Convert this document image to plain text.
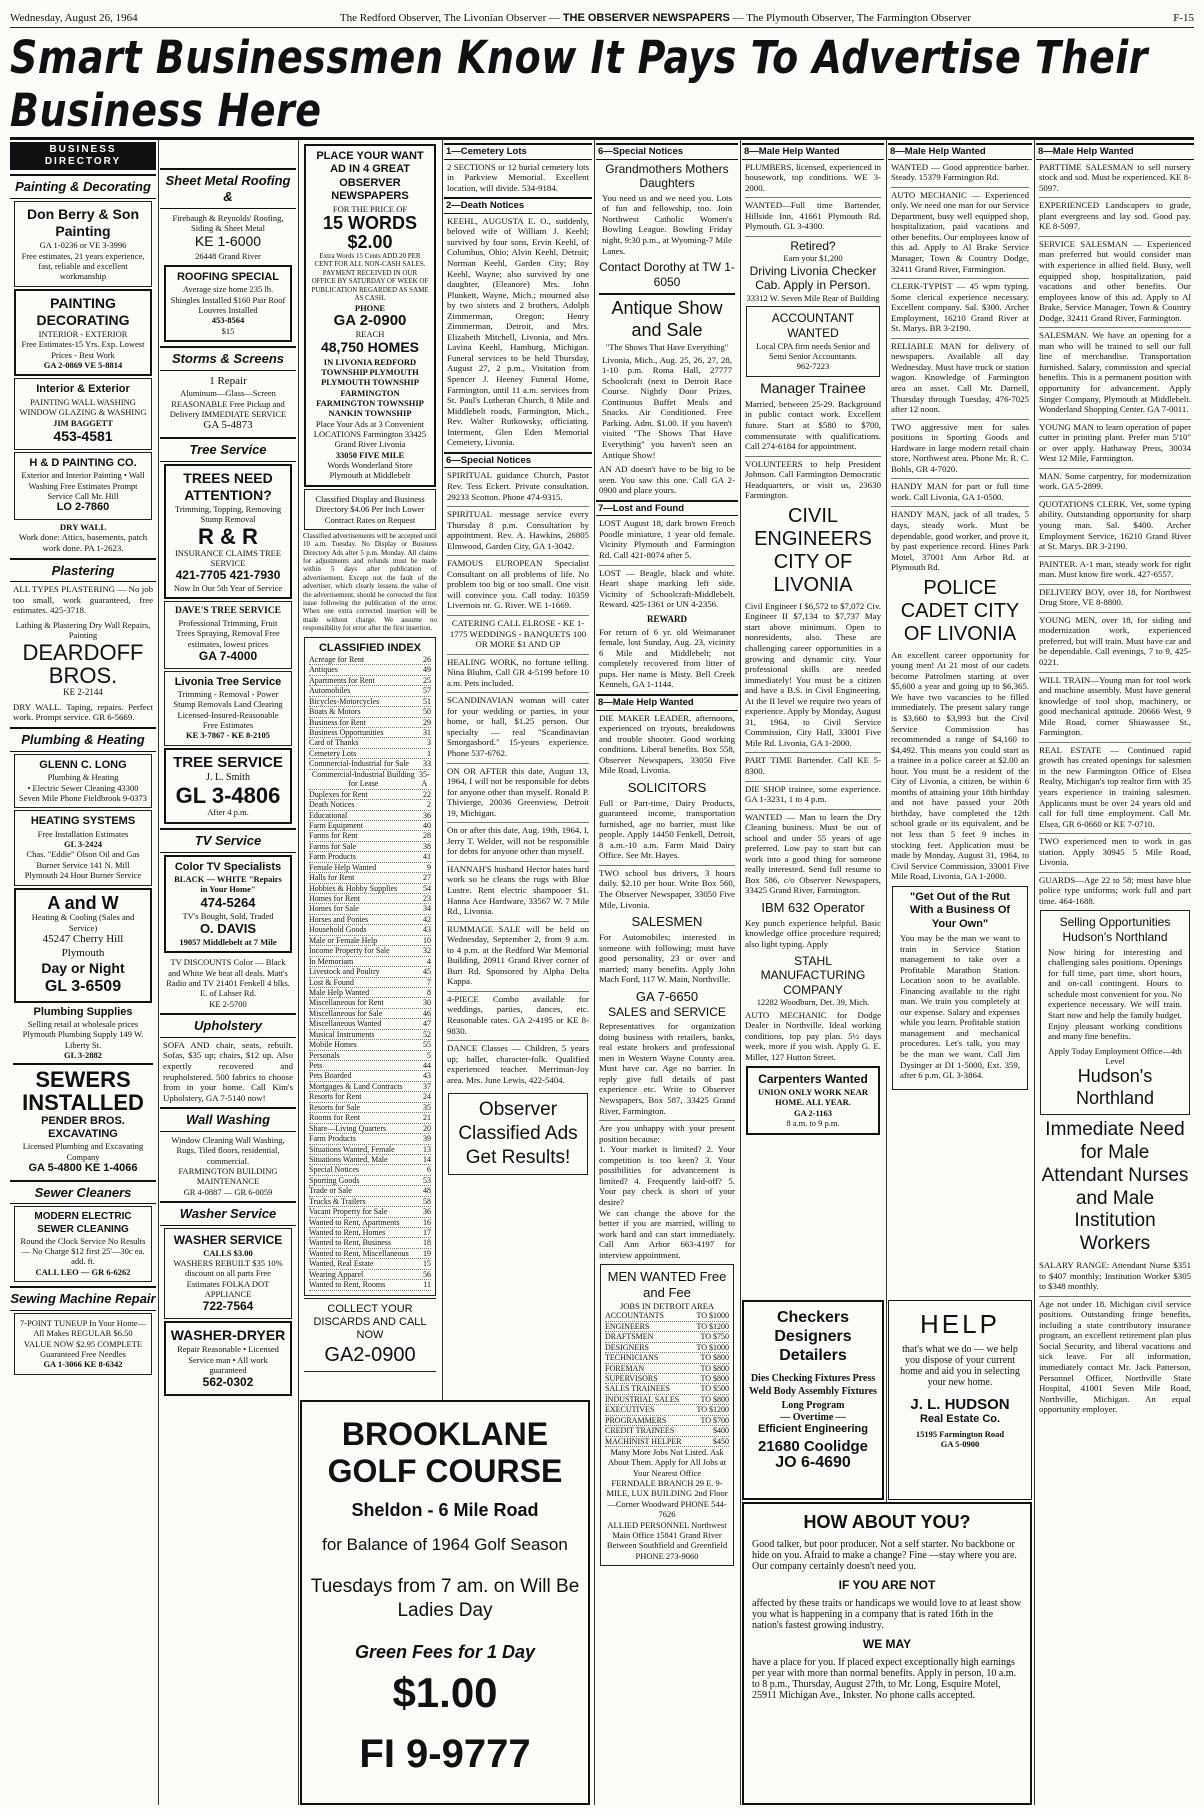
Wednesday, August 26, 1964	The Redford Observer, The Livonian Observer — THE OBSERVER NEWSPAPERS — The Plymouth Observer, The Farmington Observer	F-15
Smart Businessmen Know It Pays To Advertise Their Business Here
BUSINESS DIRECTORY
Painting & Decorating
Don Berry & Son Painting
GA 1-0236 or VE 3-3996
Free estimates, 21 years experience, fast, reliable and excellent workmanship
PAINTING DECORATING
INTERIOR - EXTERIOR
Free Estimates-15 Yrs. Exp. Lowest Prices - Best Work
GA 2-0869 VE 5-8814
Interior & Exterior
PAINTING WALL WASHING WINDOW GLAZING & WASHING
JIM BAGGETT
453-4581
H & D PAINTING CO.
Exterior and Interior Painting • Wall Washing Free Estimates Prompt Service Call Mr. Hill
LO 2-7860
DRY WALL
Work done: Attics, basements, patch work done. PA 1-2623.
Plastering
ALL TYPES PLASTERING — No job too small, work guaranteed, free estimates. 425-3718.
Lathing & Plastering Dry Wall Repairs, Painting
DEARDOFF BROS.
KE 2-2144
DRY WALL. Taping, repairs. Perfect work. Prompt service. GR 6-5669.
Plumbing & Heating
GLENN C. LONG
Plumbing & Heating
• Electric Sewer Cleaning 43300 Seven Mile Phone Fieldbrook 9-0373
HEATING SYSTEMS
Free Installation Estimates
GL 3-2424
Chas. "Eddie" Olson Oil and Gas Burner Service 141 N. Mill Plymouth 24 Hour Burner Service
A and W
Heating & Cooling (Sales and Service)
45247 Cherry Hill Plymouth
Day or Night
GL 3-6509
Plumbing Supplies
Selling retail at wholesale prices Plymouth Plumbing Supply 149 W. Liberty St.
GL 3-2882
SEWERS INSTALLED
PENDER BROS. EXCAVATING
Licensed Plumbing and Excavating Company
GA 5-4800 KE 1-4066
Sewer Cleaners
MODERN ELECTRIC SEWER CLEANING
Round the Clock Service No Results — No Charge $12 first 25'—30c ea. add. ft.
CALL LEO — GR 6-6262
Sewing Machine Repair
7-POINT TUNEUP In Your Home—All Makes REGULAR $6.50 VALUE NOW $2.95 COMPLETE Guaranteed Free Needles
GA 1-3066 KE 8-6342
Sheet Metal Roofing &
Firebaugh & Reynolds' Roofing, Siding & Sheet Metal
KE 1-6000
26448 Grand River
ROOFING SPECIAL
Average size home 235 lb. Shingles Installed $160 Pair Roof Louvres Installed
453-8564
$15
Storms & Screens
1 Repair
Aluminum—Glass—Screen REASONABLE Free Pickup and Delivery IMMEDIATE SERVICE
GA 5-4873
Tree Service
TREES NEED ATTENTION?
Trimming, Topping, Removing Stump Removal
R & R
INSURANCE CLAIMS TREE SERVICE
421-7705 421-7930
Now In Our 5th Year of Service
DAVE'S TREE SERVICE
Professional Trimming, Fruit Trees Spraying, Removal Free estimates, lowest prices
GA 7-4000
Livonia Tree Service
Trimming - Removal - Power Stump Removals Land Clearing Licensed-Insured-Reasonable Free Estimates
KE 3-7867 - KE 8-2105
TREE SERVICE
J. L. Smith
GL 3-4806
After 4 p.m.
TV Service
Color TV Specialists
BLACK — WHITE "Repairs in Your Home"
474-5264
TV's Bought, Sold, Traded
O. DAVIS
19057 Middlebelt at 7 Mile
TV DISCOUNTS Color — Black and White We beat all deals. Matt's Radio and TV 21401 Fenkell 4 blks. E. of Lahser Rd.
KE 2-5700
Upholstery
SOFA AND chair, seats, rebuilt. Sofas, $35 up; chairs, $12 up. Also expertly recovered and reupholstered. 500 fabrics to choose from in your home. Call Kim's Upholstery, GA 7-5140 now!
Wall Washing
Window Cleaning Wall Washing, Rugs, Tiled floors, residential, commercial.
FARMINGTON BUILDING MAINTENANCE
GR 4-0887 — GR 6-0059
Washer Service
WASHER SERVICE
CALLS $3.00
WASHERS REBUILT $35 10% discount on all parts Free Estimates FOLKA DOT APPLIANCE
722-7564
WASHER-DRYER
Repair Reasonable • Licensed Service man • All work guaranteed
562-0302
PLACE YOUR WANT AD IN 4 GREAT
OBSERVER NEWSPAPERS
FOR THE PRICE OF
15 WORDS $2.00
Extra Words 15 Cents ADD 20 PER CENT FOR ALL NON-CASH SALES. PAYMENT RECEIVED IN OUR OFFICE BY SATURDAY OF WEEK OF PUBLICATION REGARDED AS SAME AS CASH.
PHONE
GA 2-0900
REACH
48,750 HOMES
IN LIVONIA REDFORD TOWNSHIP PLYMOUTH PLYMOUTH TOWNSHIP FARMINGTON FARMINGTON TOWNSHIP NANKIN TOWNSHIP
Place Your Ads at 3 Convenient LOCATIONS Farmington 33425 Grand River Livonia
33050 FIVE MILE
Words Wonderland Store Plymouth at Middlebelt
Classified Display and Business Directory $4.06 Per Inch Lower Contract Rates on Request
Classified advertisements will be accepted until 10 a.m. Tuesday. No Display or Business Directory Ads after 5 p.m. Monday. All claims for adjustments and refunds must be made within 5 days after publication of advertisement. Except not the fault of the advertiser, which clearly lessens the value of the advertisement, should be corrected the first issue following the publication of the error. When one extra corrected insertion will be made without charge. We assume no responsibility for error after the first insertion.
CLASSIFIED INDEX
Acreage for Rent	26
Antiques	49
Apartments for Rent	25
Automobiles	57
Bicycles-Motorcycles	51
Boats & Motors	50
Business for Rent	29
Business Opportunities	31
Card of Thanks	3
Cemetery Lots	1
Commercial-Industrial for Sale 33
Commercial-Industrial Building for Lease
35-A
Duplexes for Rent	22
Death Notices	2
Educational	36
Farm Equipment	40
Farms for Rent	28
Farms for Sale	38
Farm Products	41
Female Help Wanted	9
Halls for Rent	27
Hobbies & Hobby Supplies	54
Homes for Rent	23
Homes for Sale	34
Horses and Ponies	42
Household Goods	43
Male or Female Help	10
Income Property for Sale	32
In Memoriam	4
Livestock and Poultry	45
Lost & Found	7
Male Help Wanted	8
Miscellaneous for Rent	30
Miscellaneous for Sale	46
Miscellaneous Wanted	47
Musical Instruments	52
Mobile Homes	55
Personals	5
Pets	44
Pets Boarded	43
Mortgages & Land Contracts	37
Resorts for Rent	24
Resorts for Sale	35
Rooms for Rent	21
Share—Living Quarters	20
Farm Products	39
Situations Wanted, Female	13
Situations Wanted, Male	14
Special Notices	6
Sporting Goods	53
Trade or Sale	48
Trucks & Trailers	58
Vacant Property for Sale	36
Wanted to Rent, Apartments	16
Wanted to Rent, Homes	17
Wanted to Rent, Business	18
Wanted to Rent, Miscellaneous 19
Wanted, Real Estate	15
Wearing Apparel	56
Wanted to Rent, Rooms	11
COLLECT YOUR DISCARDS AND CALL NOW
GA2-0900
1—Cemetery Lots
2 SECTIONS or 12 burial cemetery lots in Parkview Memorial. Excellent location, will divide. 534-9184.
2—Death Notices
KEEHL, AUGUSTA E. O., suddenly, beloved wife of William J. Keehl; survived by four sons, Ervin Keehl, of Columbus, Ohio; Alvin Keehl, Detroit; Norman Keehl, Garden City; Roy Keehl, Wayne; also survived by one daughter, (Eleanore) Mrs. John Plunkett, Wayne, Mich.; mourned also by two sisters and 2 brothers, Adolph Zimmerman, Oregon; Henry Zimmerman, Detroit, and Mrs. Elizabeth Mitchell, Livonia, and Mrs. Lavina Keehl, Hamburg, Michigan. Funeral services to be held Thursday, August 27, 2 p.m., Visitation from Spencer J. Heeney Funeral Home, Farmington, until 11 a.m. services from St. Paul's Lutheran Church, 8 Mile and Middlebelt roads, Farmington, Mich., Rev. Walter Rutkowsky, officiating. Interment, Glen Eden Memorial Cemetery, Livonia.
6—Special Notices
SPIRITUAL guidance Church, Pastor Rev. Tess Eckert. Private consultation. 29233 Scotton. Phone 474-9315.
SPIRITUAL message service every Thursday 8 p.m. Consultation by appointment. Rev. A. Hawkins, 26805 Elmwood, Garden City, GA 1-3042.
FAMOUS EUROPEAN Specialist Consultant on all problems of life. No problem too big or too small. One visit will convince you. Call today. 10359 Livernois nr. G. River. WE 1-1669.
CATERING CALL ELROSE - KE 1-1775 WEDDINGS - BANQUETS 100 OR MORE $1 AND UP
HEALING WORK, no fortune telling. Nina Bluhm, Call GR 4-5199 before 10 a.m. Pets included.
SCANDINAVIAN woman will cater for your wedding or parties, in your home, or hall, $1.25 person. Our specialty — real "Scandinavian Smorgasbord." 15-years experience. Phone 537-6762.
ON OR AFTER this date, August 13, 1964, I will not be responsible for debts for anyone other than myself. Ronald P. Thivierge, 20036 Greenview, Detroit 19, Michigan.
On or after this date, Aug. 19th, 1964, I, Jerry T. Welder, will not be responsible for debts for anyone other than myself.
HANNAH'S husband Hector hates hard work so he cleans the rugs with Blue Lustre. Rent electric shampooer $1. Hanna Ace Hardware, 33567 W. 7 Mile Rd., Livonia.
RUMMAGE SALE will be held on Wednesday, September 2, from 9 a.m. to 4 p.m. at the Redford War Memorial Building, 20911 Grand River corner of Burt Rd. Sponsored by Alpha Delta Kappa.
4-PIECE Combo available for weddings, parties, dances, etc. Reasonable rates. GA 2-4195 or KE 8-9830.
DANCE Classes — Children, 5 years up; ballet, character-folk. Qualified experienced teacher. Merriman-Joy area. Mrs. June Lewis, 422-5404.
Observer Classified Ads Get Results!
6—Special Notices
Grandmothers Mothers Daughters
You need us and we need you. Lots of fun and fellowship, too. Join Northwest Catholic Women's Bowling League. Bowling Friday night, 9:30 p.m., at Wyoming-7 Mile Lanes.
Contact Dorothy at TW 1-6050
Antique Show and Sale
"The Shows That Have Everything"
Livonia, Mich., Aug. 25, 26, 27, 28, 1-10 p.m. Roma Hall, 27777 Schoolcraft (next to Detroit Race Course. Nightly Door Prizes. Continuous Buffet Meals and Snacks. Air Conditioned. Free Parking. Adm. $1.00. If you haven't visited "The Shows That Have Everything" you haven't seen an Antique Show!
AN AD doesn't have to be big to be seen. You saw this one. Call GA 2-0900 and place yours.
7—Lost and Found
LOST August 18, dark brown French Poodle miniature, 1 year old female. Vicinity Plymouth and Farmington Rd. Call 421-8074 after 5.
LOST — Beagle, black and white. Heart shape marking left side. Vicinity of Schoolcraft-Middlebelt. Reward. 425-1361 or UN 4-2356.
REWARD
For return of 6 yr. old Weimaraner female, lost Sunday, Aug. 23, vicinity 6 Mile and Middlebelt; not completely recovered from litter of pups. Her name is Misty. Bell Creek Kennels, GA 1-1144.
8—Male Help Wanted
DIE MAKER LEADER, afternoons, experienced on tryouts, breakdowns and trouble shooter. Good working conditions. Liberal benefits. Box 558, Observer Newspapers, 33050 Five Mile Road, Livonia.
SOLICITORS
Full or Part-time, Dairy Products, guaranteed income, transportation furnished, age no barrier, must like people. Apply 14450 Fenkell, Detroit, 8 a.m.-10 a.m. Farm Maid Dairy Office. See Mr. Hayes.
TWO school bus drivers, 3 hours daily. $2.10 per hour. Write Box 560, The Observer Newspaper, 33050 Five Mile, Livonia.
SALESMEN
For Automobiles; interested in someone with following; must have good personality, 23 or over and married; many benefits. Apply John Mach Ford, 117 W. Main, Northville.
GA 7-6650
SALES and SERVICE
Representatives for organization doing business with retailers, banks, real estate brokers and professional men in Western Wayne County area. Must have car. Age no barrier. In reply give full details of past experience etc. Write to Observer Newspapers, Box 587, 33425 Grand River, Farmington.
Are you unhappy with your present position because:
1. Your market is limited? 2. Your competition is too keen? 3. Your possibilities for advancement is limited? 4. Frequently laid-off? 5. Your pay check is short of your desire?
We can change the above for the better if you are married, willing to work hard and can start immediately. Call Ann Arbor 663-4197 for interview appointment.
MEN WANTED Free and Fee
JOBS IN DETROIT AREA
ACCOUNTANTS	TO $1000
ENGINEERS	TO $1200
DRAFTSMEN	TO $750
DESIGNERS	TO $1000
TECHNICIANS	TO $800
FOREMAN	TO $800
SUPERVISORS	TO $800
SALES TRAINEES	TO $500
INDUSTRIAL SALES	TO $800
EXECUTIVES	TO $1200
PROGRAMMERS	TO $700
CREDIT TRAINEES	$400
MACHINIST HELPER	$450
Many More Jobs Not Listed. Ask About Them. Apply for All Jobs at Your Nearest Office
FERNDALE BRANCH 29 E. 9-MILE, LUX BUILDING 2nd Floor—Corner Woodward PHONE 544-7626
ALLIED PERSONNEL Northwest Main Office 15841 Grand River Between Southfield and Greenfield PHONE 273-9060
8—Male Help Wanted
PLUMBERS, licensed, experienced in housework, top conditions. WE 3-2000.
WANTED—Full time Bartender, Hillside Inn, 41661 Plymouth Rd. Plymouth. GL 3-4300.
Retired?
Earn your $1,200
Driving Livonia Checker Cab. Apply in Person.
33312 W. Seven Mile Rear of Building
ACCOUNTANT WANTED
Local CPA firm needs Senior and Semi Senior Accountants.
962-7223
Manager Trainee
Married, between 25-29. Background in public contact work. Excellent future. Start at $580 to $700, commensurate with qualifications. Call 274-6184 for appointment.
VOLUNTEERS to help President Johnson. Call Farmington Democratic Headquarters, or visit us, 23630 Farmington.
CIVIL ENGINEERS CITY OF LIVONIA
Civil Engineer I $6,572 to $7,072 Civ. Engineer II $7,134 to $7,737 May start above minimum. Open to nonresidents, also. These are challenging career opportunities in a growing and dynamic city. Your professional skills are needed immediately! You must be a citizen and have a B.S. in Civil Engineering. At the II level we require two years of experience. Apply by Monday, August 31, 1964, to Civil Service Commission, City Hall, 33001 Five Mile Rd. Livonia, GA 1-2000.
PART TIME Bartender. Call KE 5-8300.
DIE SHOP trainee, some experience. GA 1-3231, 1 to 4 p.m.
WANTED — Man to learn the Dry Cleaning business. Must be out of school and under 55 years of age preferred. Low pay to start but can work into a good thing for someone really interested. Send full resume to Box 586, c/o Observer Newspapers, 33425 Grand River, Farmington.
IBM 632 Operator
Key punch experience helpful. Basic knowledge office procedure required; also light typing. Apply
STAHL MANUFACTURING COMPANY
12282 Woodburn, Det. 39, Mich.
AUTO MECHANIC for Dodge Dealer in Northville. Ideal working conditions, top pay plan. 5½ days week, more if you wish. Apply G. E. Miller, 127 Hutton Street.
Carpenters Wanted
UNION ONLY WORK NEAR HOME. ALL YEAR.
GA 2-1163
8 a.m. to 9 p.m.
8—Male Help Wanted
WANTED — Good apprentice barber. Steady. 15379 Farmington Rd.
AUTO MECHANIC — Experienced only. We need one man for our Service Department, busy well equipped shop, hospitalization, paid vacations and other benefits. Our employees know of this ad. Apply to Al Brake Service Manager, Town & Country Dodge, 32411 Grand River, Farmington.
CLERK-TYPIST — 45 wpm typing. Some clerical experience necessary. Excellent company. Sal. $300. Archer Employment, 16210 Grand River at St. Marys. BR 3-2190.
RELIABLE MAN for delivery of newspapers. Available all day Wednesday. Must have truck or station wagon. Knowledge of Farmington area an asset. Call Mr. Darnell, Thursday through Tuesday, 476-7025 after 12 noon.
TWO aggressive men for sales positions in Sporting Goods and Hardware in large modern retail chain store, Northwest area. Phone Mr. R. C. Bohls, GR 4-7020.
HANDY MAN for part or full time work. Call Livonia, GA 1-0500.
HANDY MAN, jack of all trades, 5 days, steady work. Must be dependable, good worker, and prove it, by past experience record. Hines Park Motel, 37001 Ann Arbor Rd. at Plymouth Rd.
POLICE CADET CITY OF LIVONIA
An excellent career opportunity for young men! At 21 most of our cadets become Patrolmen starting at over $5,600 a year and going up to $6,365. We have two vacancies to be filled immediately. The present salary range is $3,660 to $3,993 but the Civil Service Commission has recommended a range of $4,160 to $4,492. This means you could start as a trainee in a police career at $2.00 an hour. You must be a resident of the City of Livonia, a citizen, be within 6 months of attaining your 18th birthday and not have passed your 20th birthday, have completed the 12th school grade or its equivalent, and be not less than 5 feet 9 inches in stocking feet. Application must be made by Monday, August 31, 1964, to Civil Service Commission, 33001 Five Mile Road, Livonia, GA 1-2000.
"Get Out of the Rut With a Business Of Your Own"
You may be the man we want to train in Service Station management to take over a Profitable Marathon Station. Location soon to be available. Financing available to the right man. We train you completely at our expense. Salary and expenses while you learn. Profitable station management and mechanical procedures. Let's talk, you may be the man we want. Call Jim Dysinger at DI 1-5000, Ext. 359, after 6 p.m. GL 3-3864.
8—Male Help Wanted
PARTTIME SALESMAN to sell nursery stock and sod. Must be experienced. KE 8-5097.
EXPERIENCED Landscapers to grade, plant evergreens and lay sod. Good pay. KE 8-5097.
SERVICE SALESMAN — Experienced man preferred but would consider man with experience in allied field. Busy, well equipped shop, hospitalization, paid vacations and other benefits. Our employees know of this ad. Apply to Al Brake, Service Manager, Town & Country Dodge, 32411 Grand River, Farmington.
SALESMAN. We have an opening for a man who will be trained to sell our full line of merchandise. Transportation furnished. Salary, commission and special benefits. This is a permanent position with opportunity for advancement. Apply Singer Company, Plymouth at Middlebelt. Wonderland Shopping Center. GA 7-0011.
YOUNG MAN to learn operation of paper cutter in printing plant. Prefer man 5'10" or over apply. Hathaway Press, 30034 West 12 Mile, Farmington.
MAN. Some carpentry, for modernization work. GA 5-2899.
QUOTATIONS CLERK. Vet, some typing ability. Outstanding opportunity for sharp young man. Sal. $400. Archer Employment Service, 16210 Grand River at St. Marys. BR 3-2190.
PAINTER. A-1 man, steady work for right man. Must know fire work. 427-6557.
DELIVERY BOY, over 18, for Northwest Drug Store, VE 8-8800.
YOUNG MEN, over 18, for siding and modernization work, experienced preferred, but will train. Must have car and be dependable. Call evenings, 7 to 9, 425-0221.
WILL TRAIN—Young man for tool work and machine assembly. Must have general knowledge of tool shop, machinery, or good mechanical aptitude. 20666 West, 9 Mile Road, corner Shiawassee St., Farmington.
REAL ESTATE — Continued rapid growth has created openings for salesmen in the new Farmington Office of Elsea Realty, Michigan's top realtor firm with 35 years experience in training salesmen. Applicants must be over 24 years old and call for full time employment. Call Mr. Elsea, GR 6-0660 or KE 7-0710.
TWO experienced men to work in gas station. Apply 30945 5 Mile Road, Livonia.
GUARDS—Age 22 to 58; must have blue police type uniforms; work full and part time. 464-1688.
Selling Opportunities Hudson's Northland
Now hiring for interesting and challenging sales positions. Openings for full time, part time, short hours, and on-call contingent. Hours to schedule most convenient for you. No experience necessary. We will train. Start now and help the family budget. Enjoy pleasant working conditions and many fine benefits.
Apply Today Employment Office—4th Level
Hudson's Northland
Immediate Need for Male Attendant Nurses and Male Institution Workers
SALARY RANGE: Attendant Nurse $351 to $407 monthly; Institution Worker $305 to $348 monthly.
Age not under 18. Michigan civil service positions. Outstanding fringe benefits, including a state contributory insurance program, an excellent retirement plan plus Social Security, and liberal vacations and sick leave. For all information, immediately contact Mr. Jack Patterson, Personnel Officer, Northville State Hospital, 41001 Seven Mile Road, Northville, Michigan. An equal opportunity employer.
BROOKLANE GOLF COURSE
Sheldon - 6 Mile Road
for Balance of 1964 Golf Season
Tuesdays from 7 am. on Will Be Ladies Day
Green Fees for 1 Day
$1.00
FI 9-9777
Checkers Designers Detailers
Dies Checking Fixtures Press Weld Body Assembly Fixtures Long Program
— Overtime —
Efficient Engineering
21680 Coolidge
JO 6-4690
HELP
that's what we do — we help you dispose of your current home and aid you in selecting your new home.
J. L. HUDSON
Real Estate Co.
15195 Farmington Road
GA 5-0900
HOW ABOUT YOU?
Good talker, but poor producer. Not a self starter. No backbone or hide on you. Afraid to make a change? Fine —stay where you are. Our company certainly doesn't need you.
IF YOU ARE NOT
affected by these traits or handicaps we would love to at least show you what is happening in a company that is rated 16th in the nation's fastest growing industry.
WE MAY
have a place for you. If placed expect exceptionally high earnings per year with more than normal benefits. Apply in person, 10 a.m. to 8 p.m., Thursday, August 27th, to Mr. Long, Esquire Motel, 25911 Michigan Ave., Inkster. No phone calls accepted.
